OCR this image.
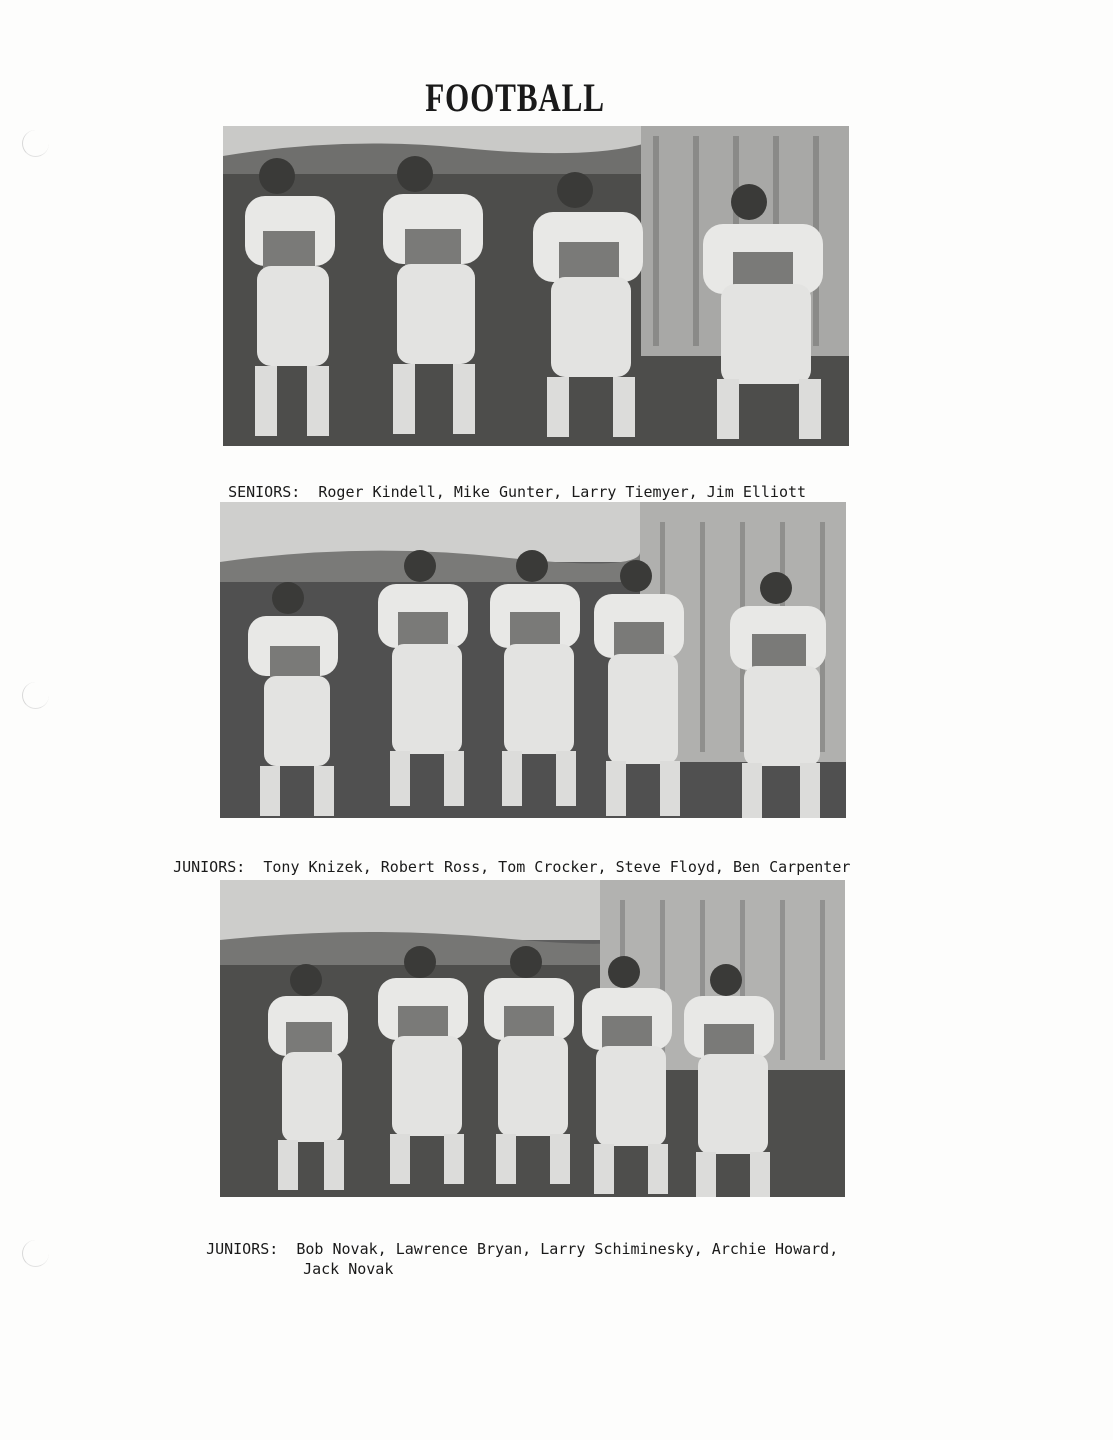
FOOTBALL

SENIORS: Roger Kindell, Mike Gunter, Larry Tiemyer, Jim Elliott

JUNIORS: Tony Knizek, Robert Ross, Tom Crocker, Steve Floyd, Ben Carpenter

JUNIORS: Bob Novak, Lawrence Bryan, Larry Schiminesky, Archie Howard,

Jack Novak
